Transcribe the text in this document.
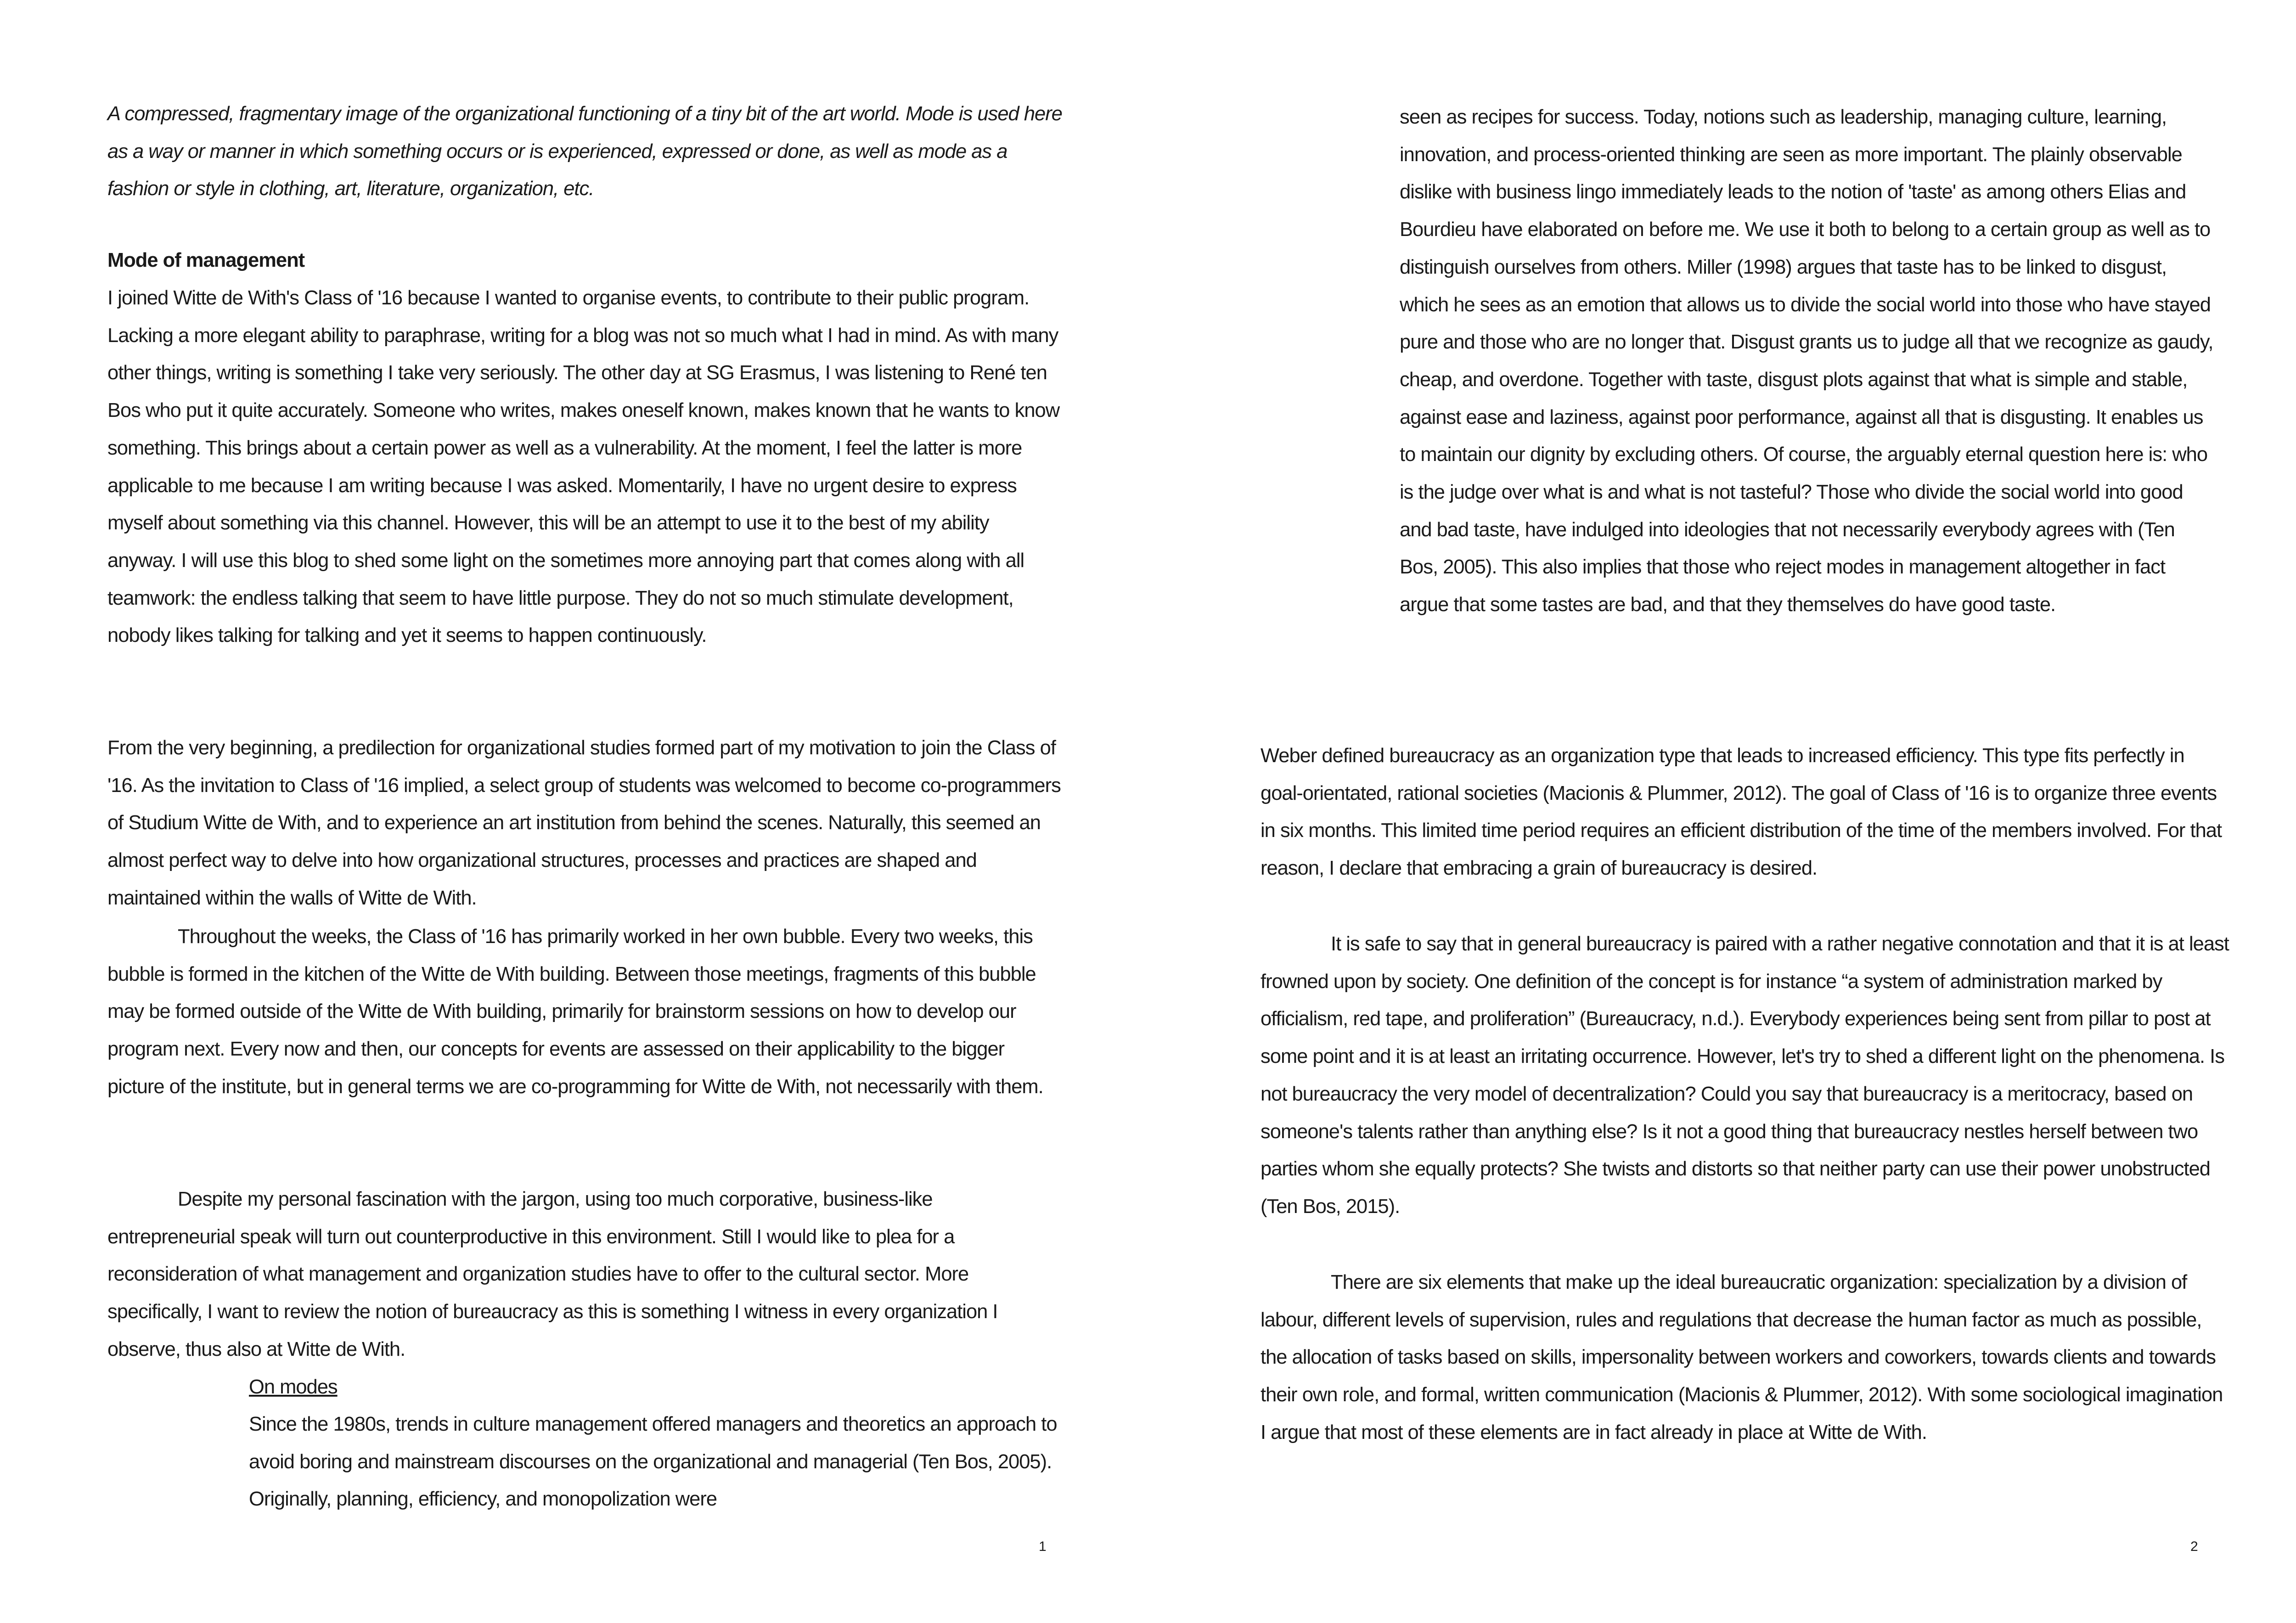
A compressed, fragmentary image of the organizational functioning of a tiny bit of the art world. Mode is used here as a way or manner in which something occurs or is experienced, expressed or done, as well as mode as a fashion or style in clothing, art, literature, organization, etc.

Mode of management

I joined Witte de With's Class of '16 because I wanted to organise events, to contribute to their public program. Lacking a more elegant ability to paraphrase, writing for a blog was not so much what I had in mind. As with many other things, writing is something I take very seriously. The other day at SG Erasmus, I was listening to René ten Bos who put it quite accurately. Someone who writes, makes oneself known, makes known that he wants to know something. This brings about a certain power as well as a vulnerability. At the moment, I feel the latter is more applicable to me because I am writing because I was asked. Momentarily, I have no urgent desire to express myself about something via this channel. However, this will be an attempt to use it to the best of my ability anyway. I will use this blog to shed some light on the sometimes more annoying part that comes along with all teamwork: the endless talking that seem to have little purpose. They do not so much stimulate development, nobody likes talking for talking and yet it seems to happen continuously.

From the very beginning, a predilection for organizational studies formed part of my motivation to join the Class of '16. As the invitation to Class of '16 implied, a select group of students was welcomed to become co-programmers of Studium Witte de With, and to experience an art institution from behind the scenes. Naturally, this seemed an almost perfect way to delve into how organizational structures, processes and practices are shaped and maintained within the walls of Witte de With.

Throughout the weeks, the Class of '16 has primarily worked in her own bubble. Every two weeks, this bubble is formed in the kitchen of the Witte de With building. Between those meetings, fragments of this bubble may be formed outside of the Witte de With building, primarily for brainstorm sessions on how to develop our program next. Every now and then, our concepts for events are assessed on their applicability to the bigger picture of the institute, but in general terms we are co-programming for Witte de With, not necessarily with them.

Despite my personal fascination with the jargon, using too much corporative, business-like entrepreneurial speak will turn out counterproductive in this environment. Still I would like to plea for a reconsideration of what management and organization studies have to offer to the cultural sector. More specifically, I want to review the notion of bureaucracy as this is something I witness in every organization I observe, thus also at Witte de With.

On modes

Since the 1980s, trends in culture management offered managers and theoretics an approach to avoid boring and mainstream discourses on the organizational and managerial (Ten Bos, 2005). Originally, planning, efficiency, and monopolization were

1

seen as recipes for success. Today, notions such as leadership, managing culture, learning, innovation, and process-oriented thinking are seen as more important. The plainly observable dislike with business lingo immediately leads to the notion of 'taste' as among others Elias and Bourdieu have elaborated on before me. We use it both to belong to a certain group as well as to distinguish ourselves from others. Miller (1998) argues that taste has to be linked to disgust, which he sees as an emotion that allows us to divide the social world into those who have stayed pure and those who are no longer that. Disgust grants us to judge all that we recognize as gaudy, cheap, and overdone. Together with taste, disgust plots against that what is simple and stable, against ease and laziness, against poor performance, against all that is disgusting. It enables us to maintain our dignity by excluding others. Of course, the arguably eternal question here is: who is the judge over what is and what is not tasteful? Those who divide the social world into good and bad taste, have indulged into ideologies that not necessarily everybody agrees with (Ten Bos, 2005). This also implies that those who reject modes in management altogether in fact argue that some tastes are bad, and that they themselves do have good taste.

Weber defined bureaucracy as an organization type that leads to increased efficiency. This type fits perfectly in goal-orientated, rational societies (Macionis & Plummer, 2012). The goal of Class of '16 is to organize three events in six months. This limited time period requires an efficient distribution of the time of the members involved. For that reason, I declare that embracing a grain of bureaucracy is desired.

It is safe to say that in general bureaucracy is paired with a rather negative connotation and that it is at least frowned upon by society. One definition of the concept is for instance “a system of administration marked by officialism, red tape, and proliferation” (Bureaucracy, n.d.). Everybody experiences being sent from pillar to post at some point and it is at least an irritating occurrence. However, let's try to shed a different light on the phenomena. Is not bureaucracy the very model of decentralization? Could you say that bureaucracy is a meritocracy, based on someone's talents rather than anything else? Is it not a good thing that bureaucracy nestles herself between two parties whom she equally protects? She twists and distorts so that neither party can use their power unobstructed (Ten Bos, 2015).

There are six elements that make up the ideal bureaucratic organization: specialization by a division of labour, different levels of supervision, rules and regulations that decrease the human factor as much as possible, the allocation of tasks based on skills, impersonality between workers and coworkers, towards clients and towards their own role, and formal, written communication (Macionis & Plummer, 2012). With some sociological imagination I argue that most of these elements are in fact already in place at Witte de With.

2
